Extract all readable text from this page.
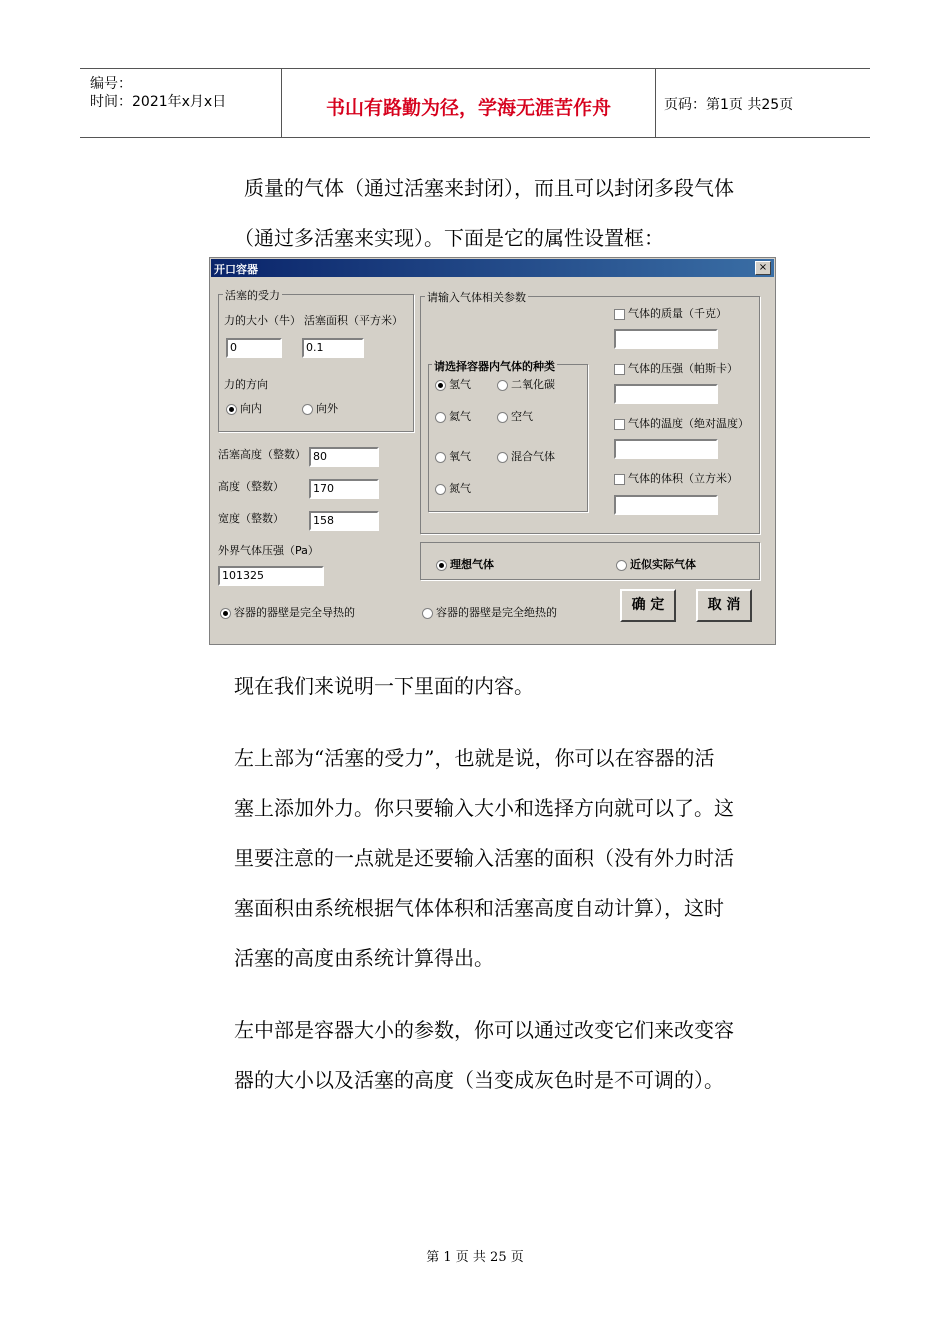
编号：
时间：2021年x月x日	书山有路勤为径，学海无涯苦作舟	页码：第1页 共25页
质量的气体（通过活塞来封闭），而且可以封闭多段气体
（通过多活塞来实现）。下面是它的属性设置框：
开口容器	×
活塞的受力
力的大小（牛） 活塞面积（平方米）
0	0.1
力的方向
向内	向外
活塞高度（整数） 80
高度（整数）	170
宽度（整数）	158
外界气体压强（Pa）
101325
请输入气体相关参数
请选择容器内气体的种类
氢气	二氧化碳
氦气	空气
氧气	混合气体
氮气
气体的质量（千克）
气体的压强（帕斯卡）
气体的温度（绝对温度）
气体的体积（立方米）
理想气体	近似实际气体
容器的器壁是完全导热的	容器的器壁是完全绝热的	确 定	取 消
现在我们来说明一下里面的内容。
左上部为“活塞的受力”，也就是说，你可以在容器的活
塞上添加外力。你只要输入大小和选择方向就可以了。这
里要注意的一点就是还要输入活塞的面积（没有外力时活
塞面积由系统根据气体体积和活塞高度自动计算），这时
活塞的高度由系统计算得出。
左中部是容器大小的参数，你可以通过改变它们来改变容
器的大小以及活塞的高度（当变成灰色时是不可调的）。
第 1 页 共 25 页
